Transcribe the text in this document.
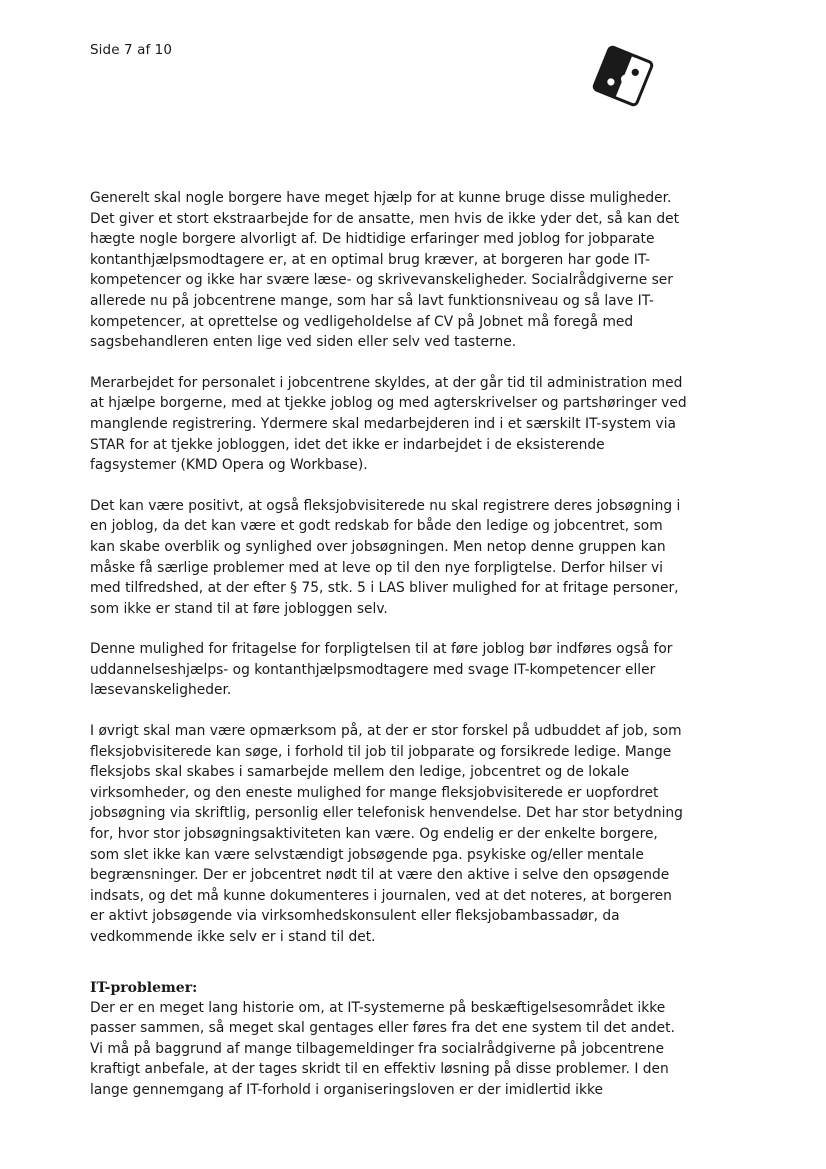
Side 7 af 10

Generelt skal nogle borgere have meget hjælp for at kunne bruge disse muligheder. Det giver et stort ekstraarbejde for de ansatte, men hvis de ikke yder det, så kan det hægte nogle borgere alvorligt af. De hidtidige erfaringer med joblog for jobparate kontanthjælpsmodtagere er, at en optimal brug kræver, at borgeren har gode IT-kompetencer og ikke har svære læse- og skrivevanskeligheder. Socialrådgiverne ser allerede nu på jobcentrene mange, som har så lavt funktionsniveau og så lave IT-kompetencer, at oprettelse og vedligeholdelse af CV på Jobnet må foregå med sagsbehandleren enten lige ved siden eller selv ved tasterne.

Merarbejdet for personalet i jobcentrene skyldes, at der går tid til administration med at hjælpe borgerne, med at tjekke joblog og med agterskrivelser og partshøringer ved manglende registrering. Ydermere skal medarbejderen ind i et særskilt IT-system via STAR for at tjekke jobloggen, idet det ikke er indarbejdet i de eksisterende fagsystemer (KMD Opera og Workbase).

Det kan være positivt, at også fleksjobvisiterede nu skal registrere deres jobsøgning i en joblog, da det kan være et godt redskab for både den ledige og jobcentret, som kan skabe overblik og synlighed over jobsøgningen. Men netop denne gruppen kan måske få særlige problemer med at leve op til den nye forpligtelse. Derfor hilser vi med tilfredshed, at der efter § 75, stk. 5 i LAS bliver mulighed for at fritage personer, som ikke er stand til at føre jobloggen selv.

Denne mulighed for fritagelse for forpligtelsen til at føre joblog bør indføres også for uddannelseshjælps- og kontanthjælpsmodtagere med svage IT-kompetencer eller læsevanskeligheder.

I øvrigt skal man være opmærksom på, at der er stor forskel på udbuddet af job, som fleksjobvisiterede kan søge, i forhold til job til jobparate og forsikrede ledige. Mange fleksjobs skal skabes i samarbejde mellem den ledige, jobcentret og de lokale virksomheder, og den eneste mulighed for mange fleksjobvisiterede er uopfordret jobsøgning via skriftlig, personlig eller telefonisk henvendelse. Det har stor betydning for, hvor stor jobsøgningsaktiviteten kan være. Og endelig er der enkelte borgere, som slet ikke kan være selvstændigt jobsøgende pga. psykiske og/eller mentale begrænsninger. Der er jobcentret nødt til at være den aktive i selve den opsøgende indsats, og det må kunne dokumenteres i journalen, ved at det noteres, at borgeren er aktivt jobsøgende via virksomhedskonsulent eller fleksjobambassadør, da vedkommende ikke selv er i stand til det.

IT-problemer:

Der er en meget lang historie om, at IT-systemerne på beskæftigelsesområdet ikke passer sammen, så meget skal gentages eller føres fra det ene system til det andet. Vi må på baggrund af mange tilbagemeldinger fra socialrådgiverne på jobcentrene kraftigt anbefale, at der tages skridt til en effektiv løsning på disse problemer. I den lange gennemgang af IT-forhold i organiseringsloven er der imidlertid ikke
